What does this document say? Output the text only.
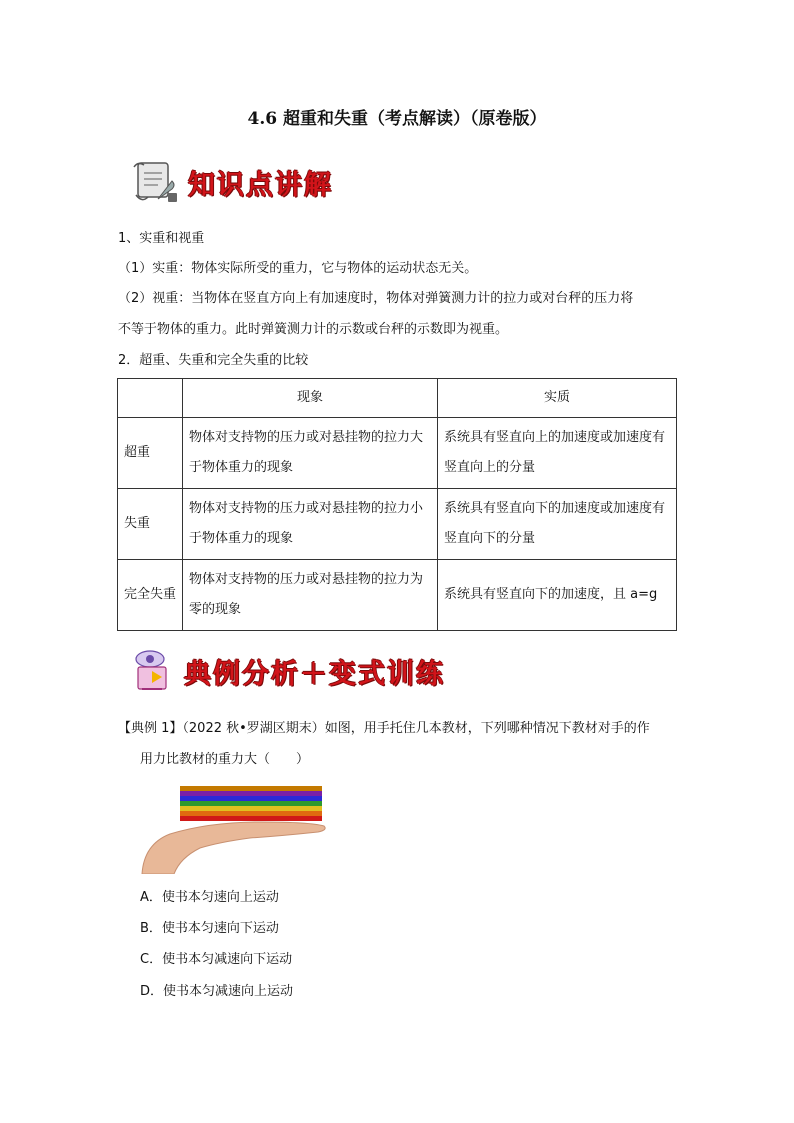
4.6 超重和失重（考点解读）（原卷版）
知识点讲解
1、实重和视重
（1）实重：物体实际所受的重力，它与物体的运动状态无关。
（2）视重：当物体在竖直方向上有加速度时，物体对弹簧测力计的拉力或对台秤的压力将
不等于物体的重力。此时弹簧测力计的示数或台秤的示数即为视重。
2．超重、失重和完全失重的比较
	现象	实质
超重	物体对支持物的压力或对悬挂物的拉力大于物体重力的现象	系统具有竖直向上的加速度或加速度有竖直向上的分量
失重	物体对支持物的压力或对悬挂物的拉力小于物体重力的现象	系统具有竖直向下的加速度或加速度有竖直向下的分量
完全失重	物体对支持物的压力或对悬挂物的拉力为零的现象	系统具有竖直向下的加速度，且 a=g
典例分析＋变式训练
【典例 1】（2022 秋•罗湖区期末）如图，用手托住几本教材，下列哪种情况下教材对手的作
用力比教材的重力大（　　）
A．使书本匀速向上运动
B．使书本匀速向下运动
C．使书本匀减速向下运动
D．使书本匀减速向上运动
